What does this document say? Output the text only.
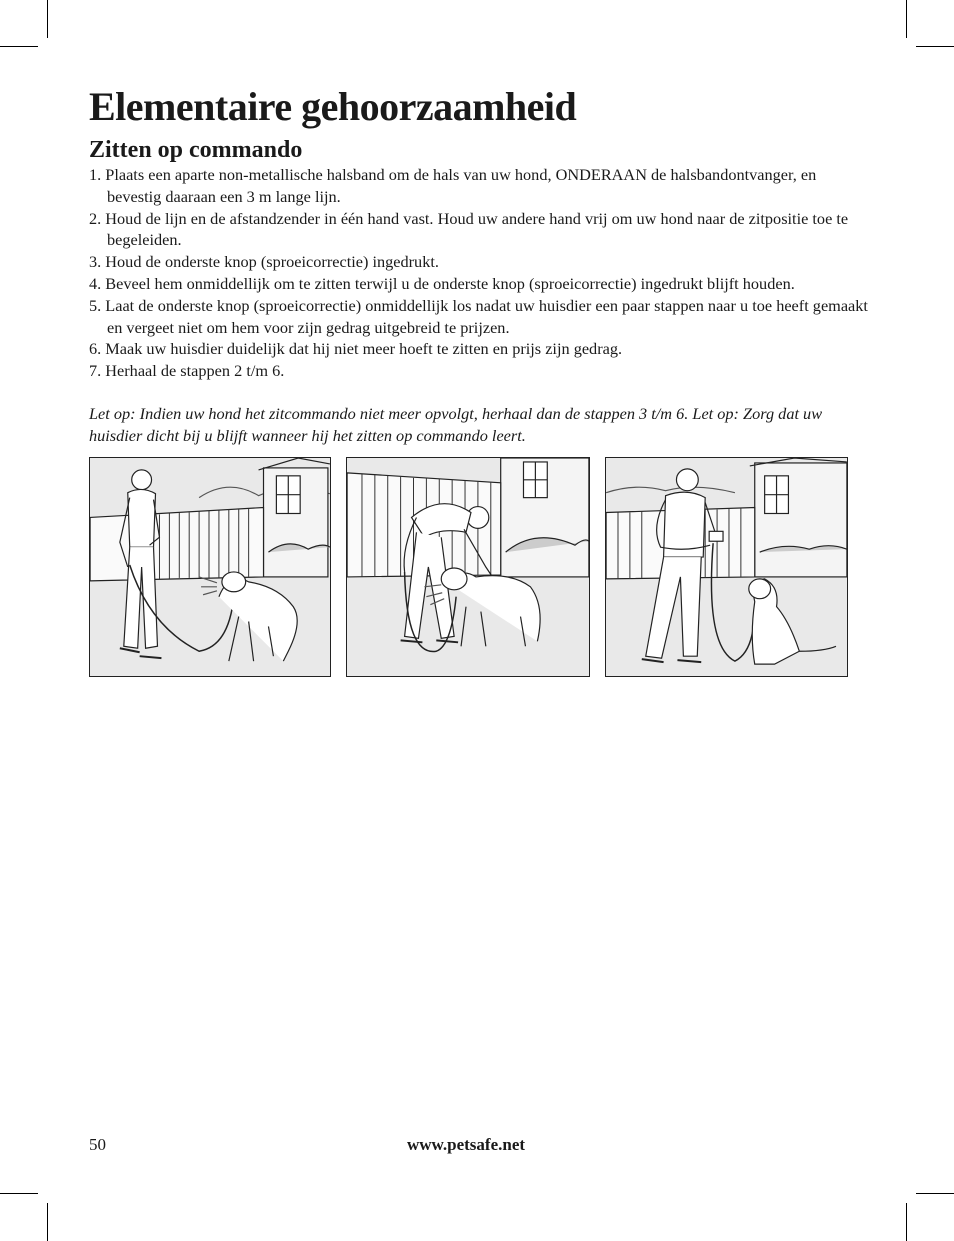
Elementaire gehoorzaamheid
Zitten op commando
1. Plaats een aparte non-metallische halsband om de hals van uw hond, ONDERAAN de halsbandontvanger, en bevestig daaraan een 3 m lange lijn.
2. Houd de lijn en de afstandzender in één hand vast. Houd uw andere hand vrij om uw hond naar de zitpositie toe te begeleiden.
3. Houd de onderste knop (sproeicorrectie) ingedrukt.
4. Beveel hem onmiddellijk om te zitten terwijl u de onderste knop (sproeicorrectie) ingedrukt blijft houden.
5. Laat de onderste knop (sproeicorrectie) onmiddellijk los nadat uw huisdier een paar stappen naar u toe heeft gemaakt en vergeet niet om hem voor zijn gedrag uitgebreid te prijzen.
6. Maak uw huisdier duidelijk dat hij niet meer hoeft te zitten en prijs zijn gedrag.
7. Herhaal de stappen 2 t/m 6.

Let op: Indien uw hond het zitcommando niet meer opvolgt, herhaal dan de stappen 3 t/m 6. Let op: Zorg dat uw huisdier dicht bij u blijft wanneer hij het zitten op commando leert.

50	www.petsafe.net
